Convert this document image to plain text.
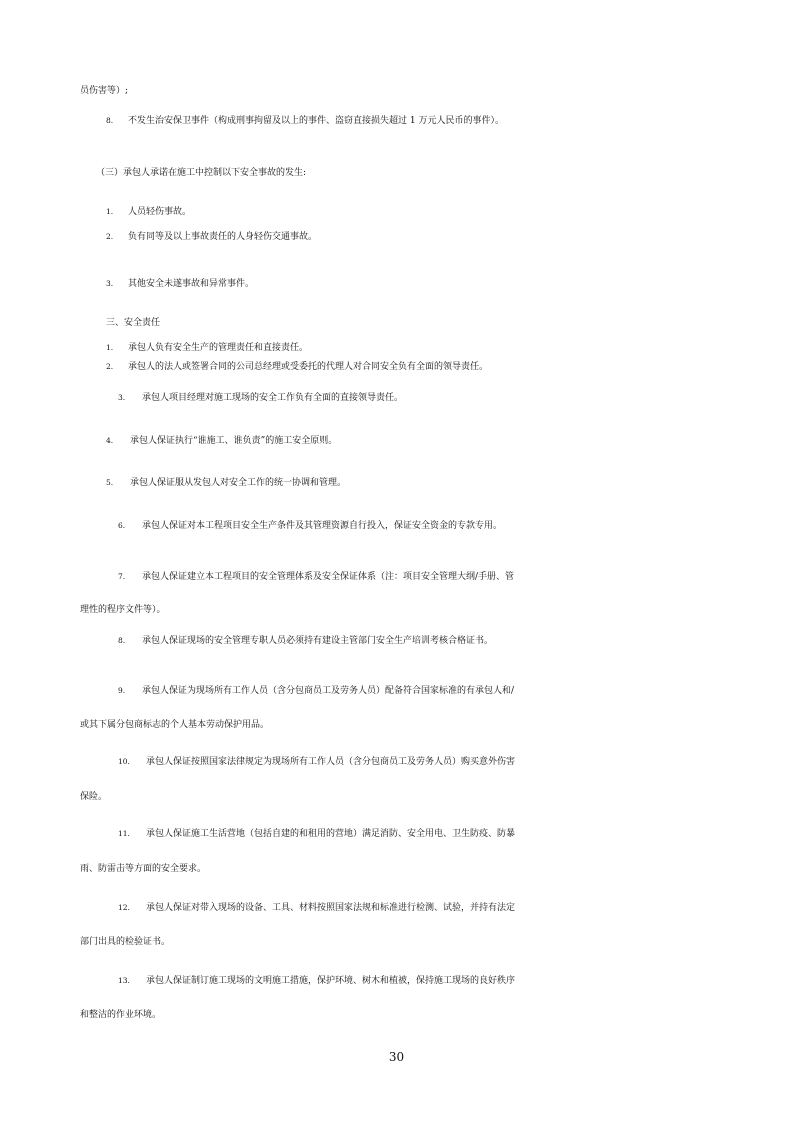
员伤害等）;
8. 不发生治安保卫事件（构成刑事拘留及以上的事件、盗窃直接损失超过 1 万元人民币的事件）。
（三）承包人承诺在施工中控制以下安全事故的发生:
1. 人员轻伤事故。
2. 负有同等及以上事故责任的人身轻伤交通事故。
3. 其他安全未遂事故和异常事件。
三、安全责任
1. 承包人负有安全生产的管理责任和直接责任。
2. 承包人的法人或签署合同的公司总经理或受委托的代理人对合同安全负有全面的领导责任。
3. 承包人项目经理对施工现场的安全工作负有全面的直接领导责任。
4. 承包人保证执行“谁施工、谁负责”的施工安全原则。
5. 承包人保证服从发包人对安全工作的统一协调和管理。
6. 承包人保证对本工程项目安全生产条件及其管理资源自行投入，保证安全资金的专款专用。
7. 承包人保证建立本工程项目的安全管理体系及安全保证体系（注：项目安全管理大纲/手册、管
理性的程序文件等）。
8. 承包人保证现场的安全管理专职人员必须持有建设主管部门安全生产培训考核合格证书。
9. 承包人保证为现场所有工作人员（含分包商员工及劳务人员）配备符合国家标准的有承包人和/
或其下属分包商标志的个人基本劳动保护用品。
10. 承包人保证按照国家法律规定为现场所有工作人员（含分包商员工及劳务人员）购买意外伤害
保险。
11. 承包人保证施工生活营地（包括自建的和租用的营地）满足消防、安全用电、卫生防疫、防暴
雨、防雷击等方面的安全要求。
12. 承包人保证对带入现场的设备、工具、材料按照国家法规和标准进行检测、试验，并持有法定
部门出具的检验证书。
13. 承包人保证制订施工现场的文明施工措施，保护环境、树木和植被，保持施工现场的良好秩序
和整洁的作业环境。
30
